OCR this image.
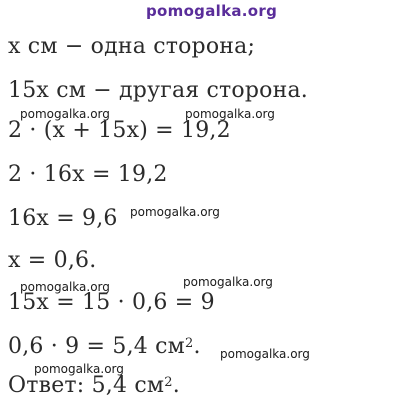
pomogalka.org
x см − одна сторона;
15x см − другая сторона.
pomogalka.org	pomogalka.org
2 · (x + 15x) = 19,2
2 · 16x = 19,2
pomogalka.org
16x = 9,6
x = 0,6.
pomogalka.org	pomogalka.org
15x = 15 · 0,6 = 9
0,6 · 9 = 5,4 $см^2$. pomogalka.org
pomogalka.org
Ответ: 5,4 $см^2$.
